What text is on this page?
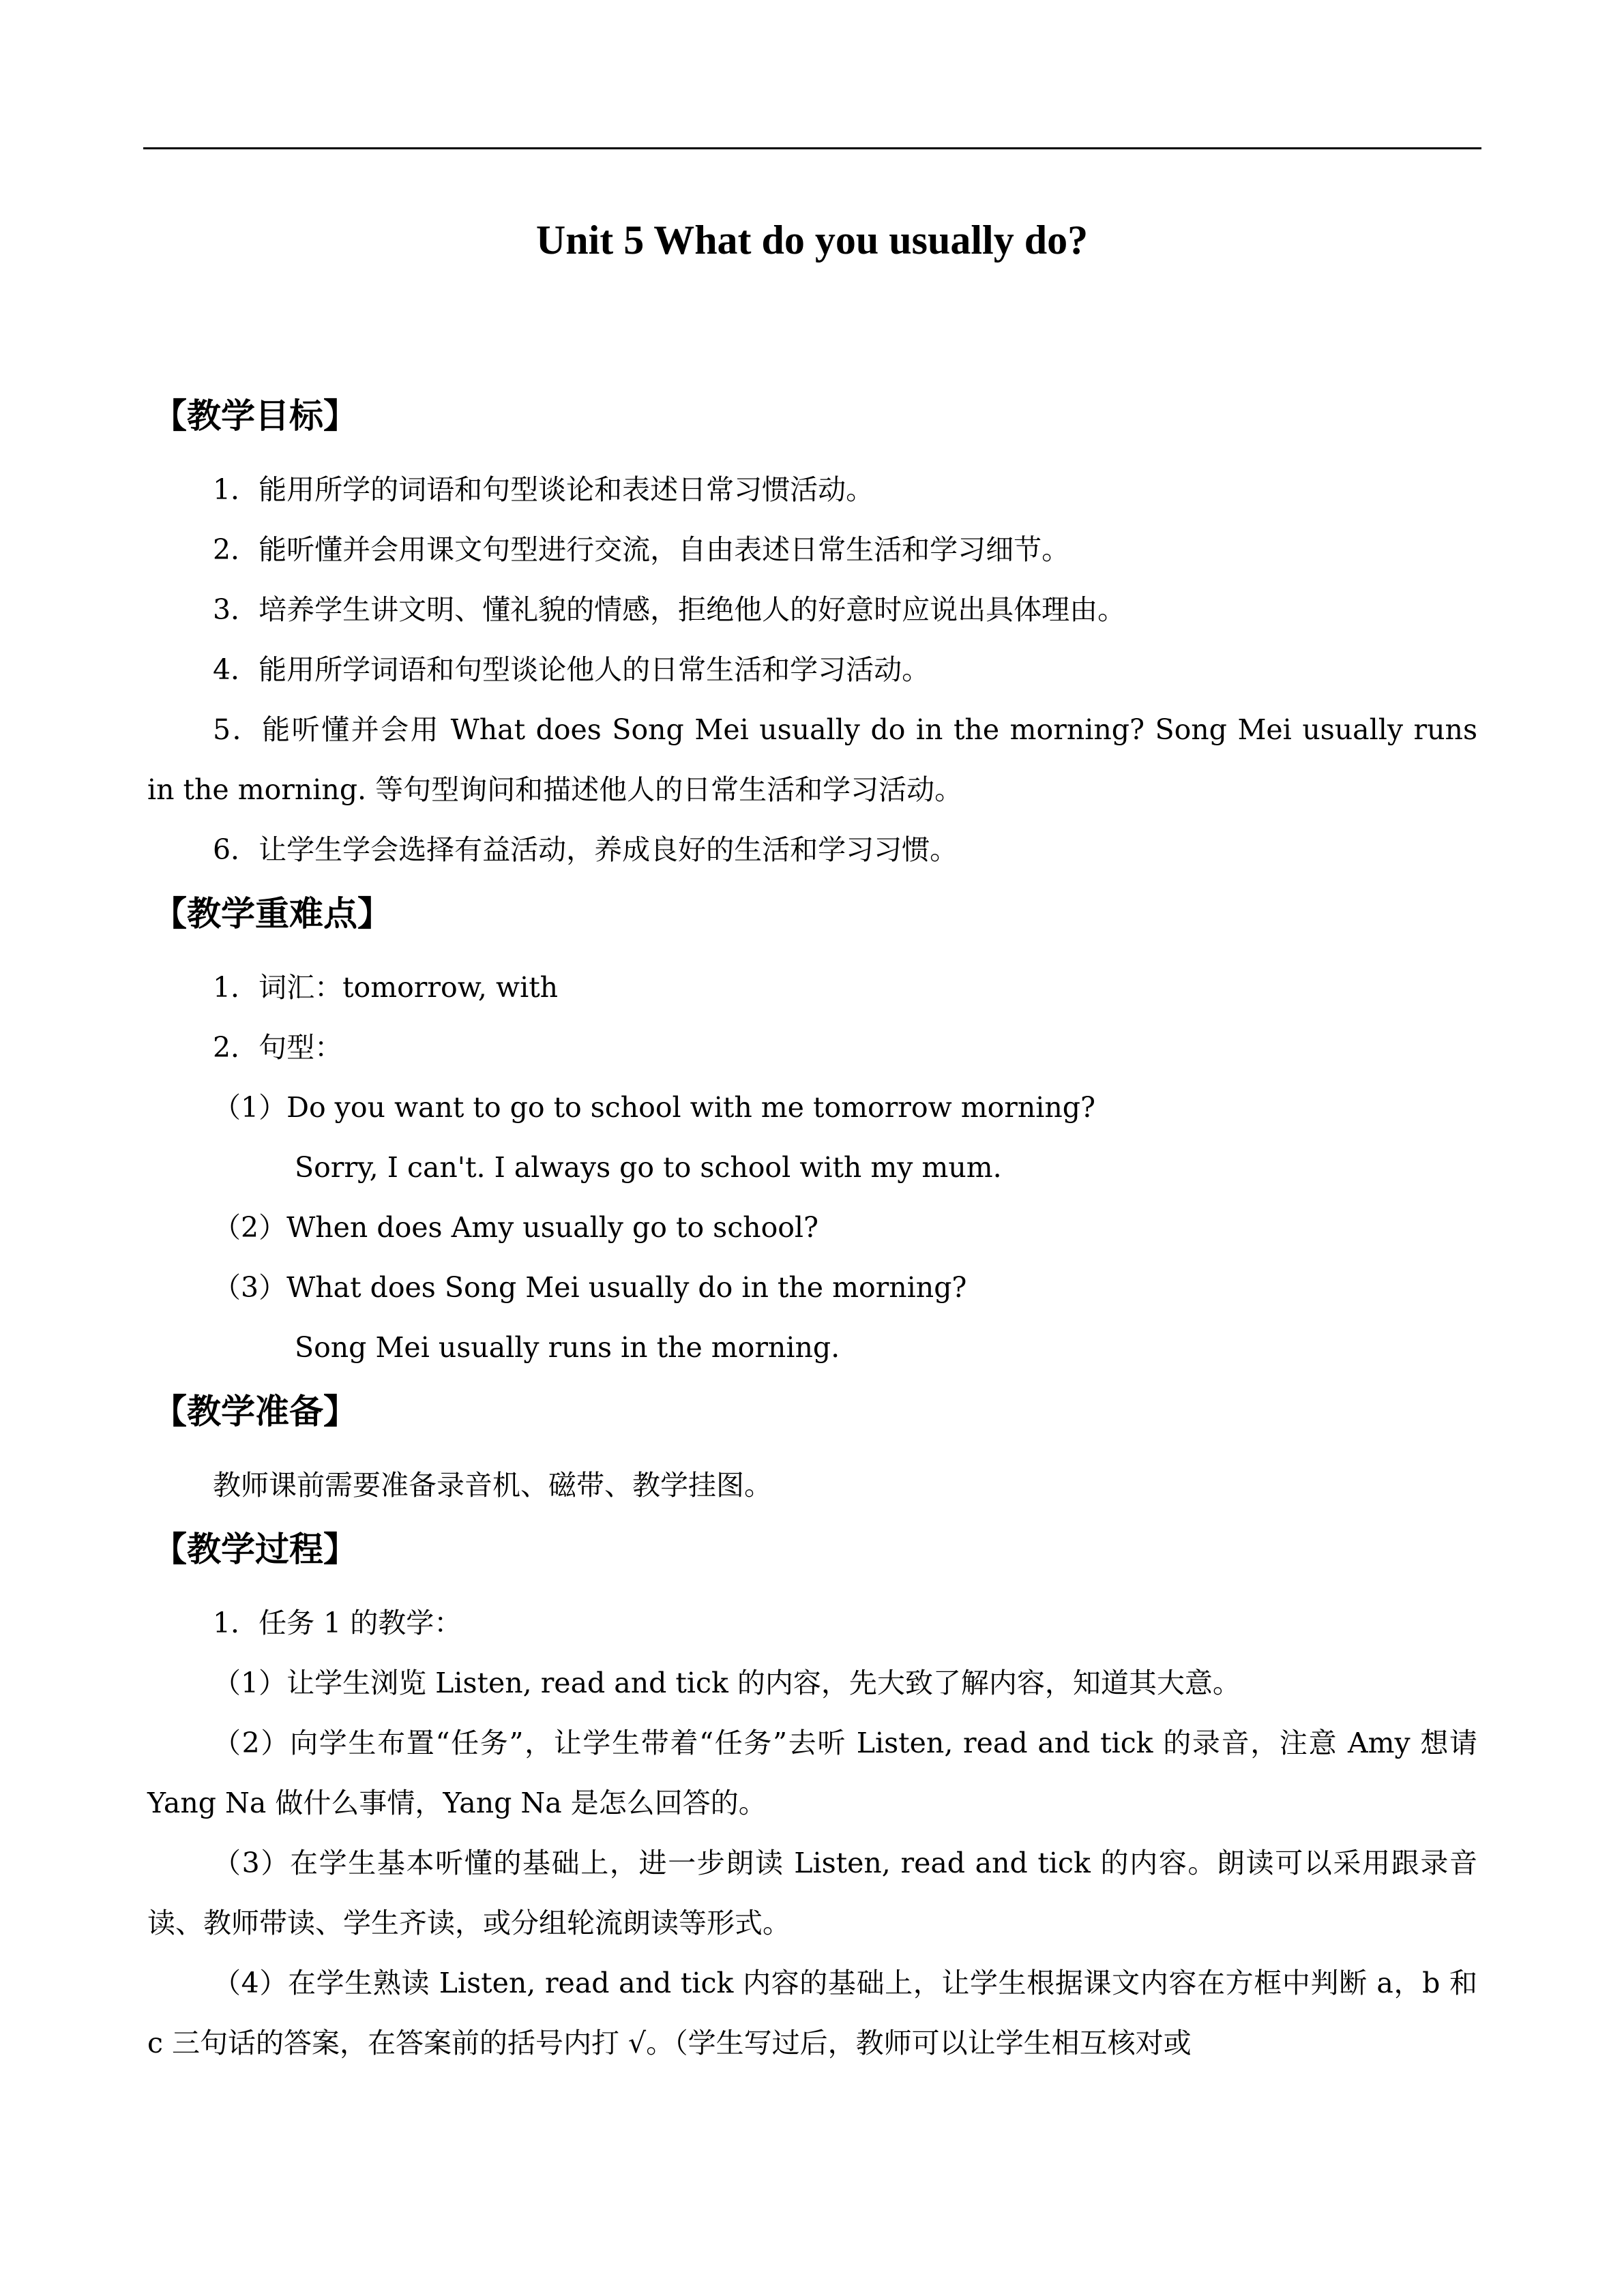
Unit 5 What do you usually do?
【教学目标】

1．能用所学的词语和句型谈论和表述日常习惯活动。

2．能听懂并会用课文句型进行交流，自由表述日常生活和学习细节。

3．培养学生讲文明、懂礼貌的情感，拒绝他人的好意时应说出具体理由。

4．能用所学词语和句型谈论他人的日常生活和学习活动。

5．能听懂并会用 What does Song Mei usually do in the morning? Song Mei usually runs in the morning. 等句型询问和描述他人的日常生活和学习活动。

6．让学生学会选择有益活动，养成良好的生活和学习习惯。

【教学重难点】

1．词汇：tomorrow, with

2．句型：

（1）Do you want to go to school with me tomorrow morning?

Sorry, I can't. I always go to school with my mum.

（2）When does Amy usually go to school?

（3）What does Song Mei usually do in the morning?

Song Mei usually runs in the morning.

【教学准备】

教师课前需要准备录音机、磁带、教学挂图。

【教学过程】

1．任务 1 的教学：

（1）让学生浏览 Listen, read and tick 的内容，先大致了解内容，知道其大意。

（2）向学生布置“任务”，让学生带着“任务”去听 Listen, read and tick 的录音，注意 Amy 想请 Yang Na 做什么事情，Yang Na 是怎么回答的。

（3）在学生基本听懂的基础上，进一步朗读 Listen, read and tick 的内容。朗读可以采用跟录音读、教师带读、学生齐读，或分组轮流朗读等形式。

（4）在学生熟读 Listen, read and tick 内容的基础上，让学生根据课文内容在方框中判断 a，b 和 c 三句话的答案，在答案前的括号内打 √。（学生写过后，教师可以让学生相互核对或
